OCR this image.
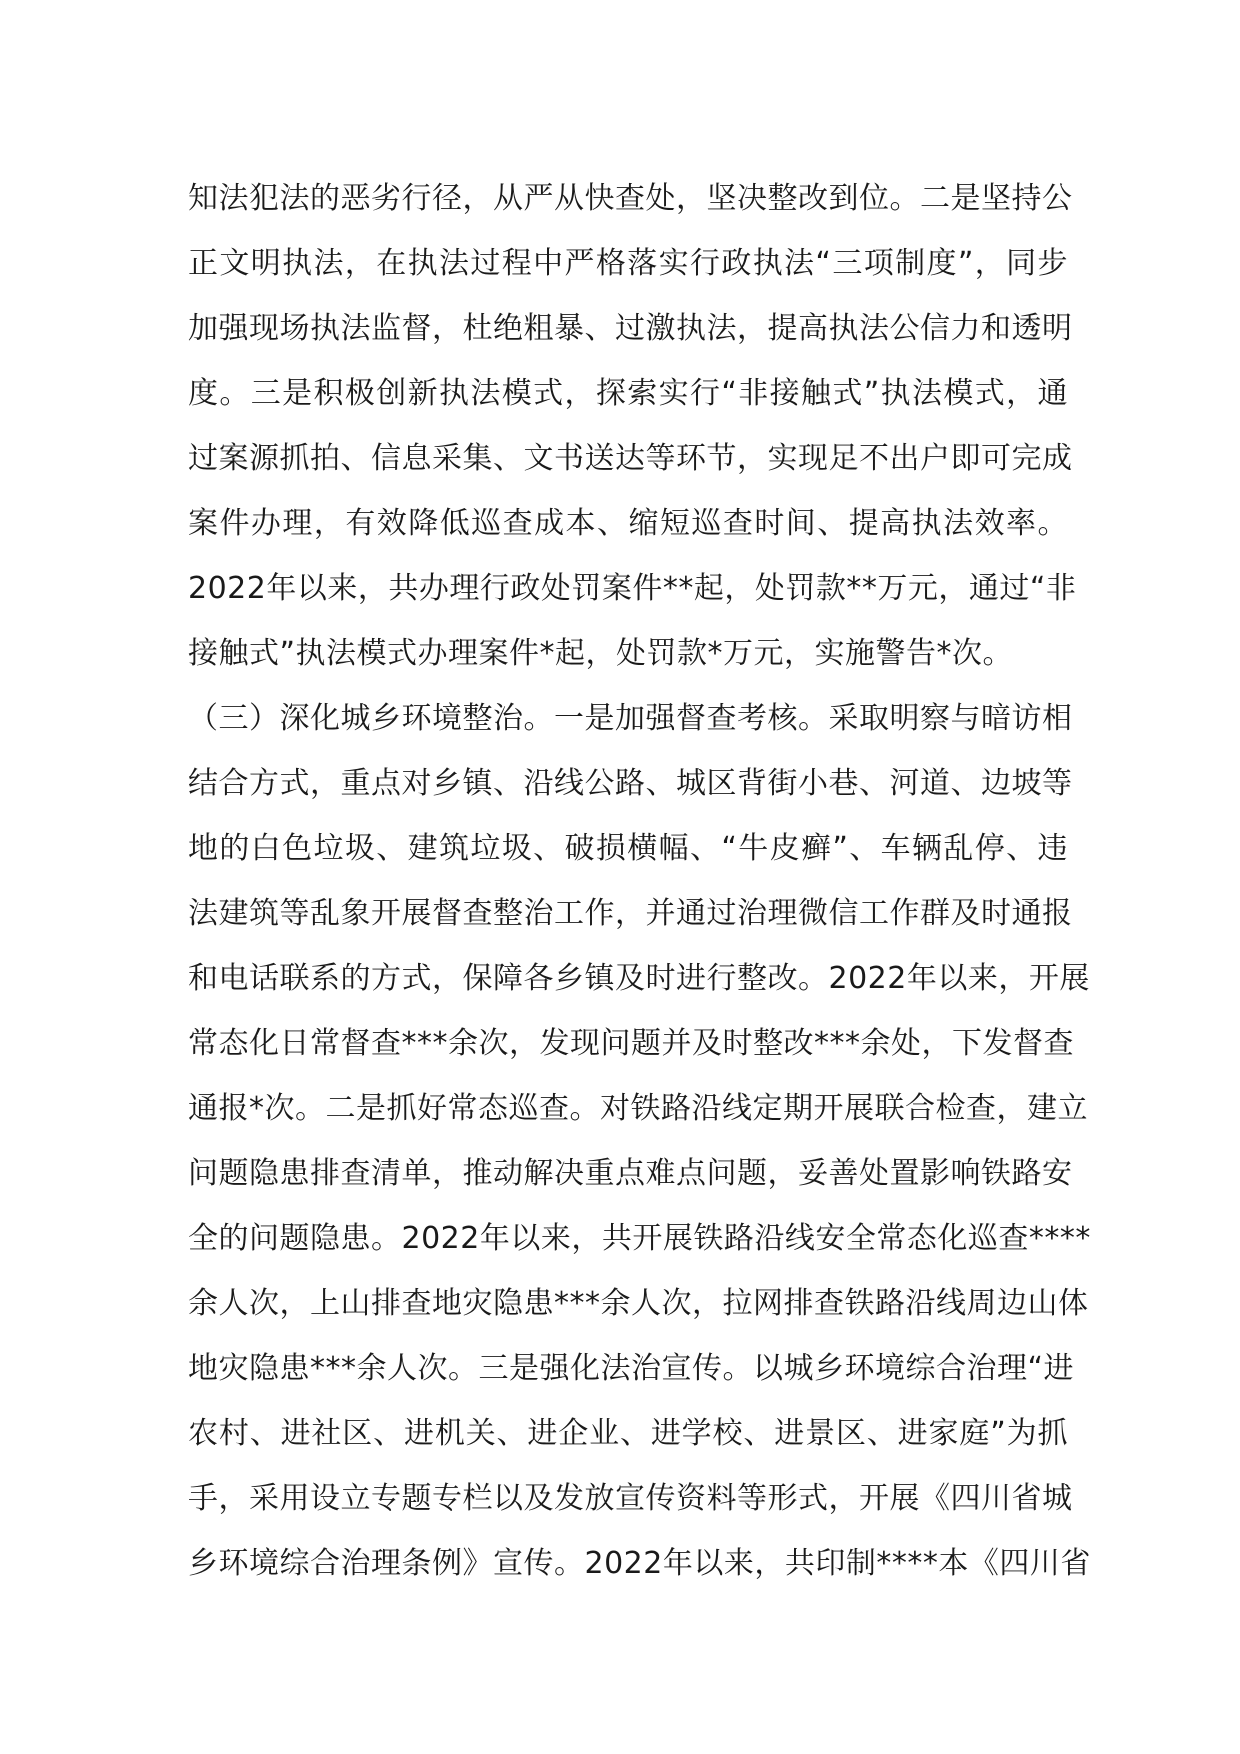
知法犯法的恶劣行径，从严从快查处，坚决整改到位。二是坚持公
正文明执法，在执法过程中严格落实行政执法“三项制度”，同步
加强现场执法监督，杜绝粗暴、过激执法，提高执法公信力和透明
度。三是积极创新执法模式，探索实行“非接触式”执法模式，通
过案源抓拍、信息采集、文书送达等环节，实现足不出户即可完成
案件办理，有效降低巡查成本、缩短巡查时间、提高执法效率。
2022年以来，共办理行政处罚案件**起，处罚款**万元，通过“非
接触式”执法模式办理案件*起，处罚款*万元，实施警告*次。
（三）深化城乡环境整治。一是加强督查考核。采取明察与暗访相
结合方式，重点对乡镇、沿线公路、城区背街小巷、河道、边坡等
地的白色垃圾、建筑垃圾、破损横幅、“牛皮癣”、车辆乱停、违
法建筑等乱象开展督查整治工作，并通过治理微信工作群及时通报
和电话联系的方式，保障各乡镇及时进行整改。2022年以来，开展
常态化日常督查***余次，发现问题并及时整改***余处，下发督查
通报*次。二是抓好常态巡查。对铁路沿线定期开展联合检查，建立
问题隐患排查清单，推动解决重点难点问题，妥善处置影响铁路安
全的问题隐患。2022年以来，共开展铁路沿线安全常态化巡查****
余人次，上山排查地灾隐患***余人次，拉网排查铁路沿线周边山体
地灾隐患***余人次。三是强化法治宣传。以城乡环境综合治理“进
农村、进社区、进机关、进企业、进学校、进景区、进家庭”为抓
手，采用设立专题专栏以及发放宣传资料等形式，开展《四川省城
乡环境综合治理条例》宣传。2022年以来，共印制****本《四川省
